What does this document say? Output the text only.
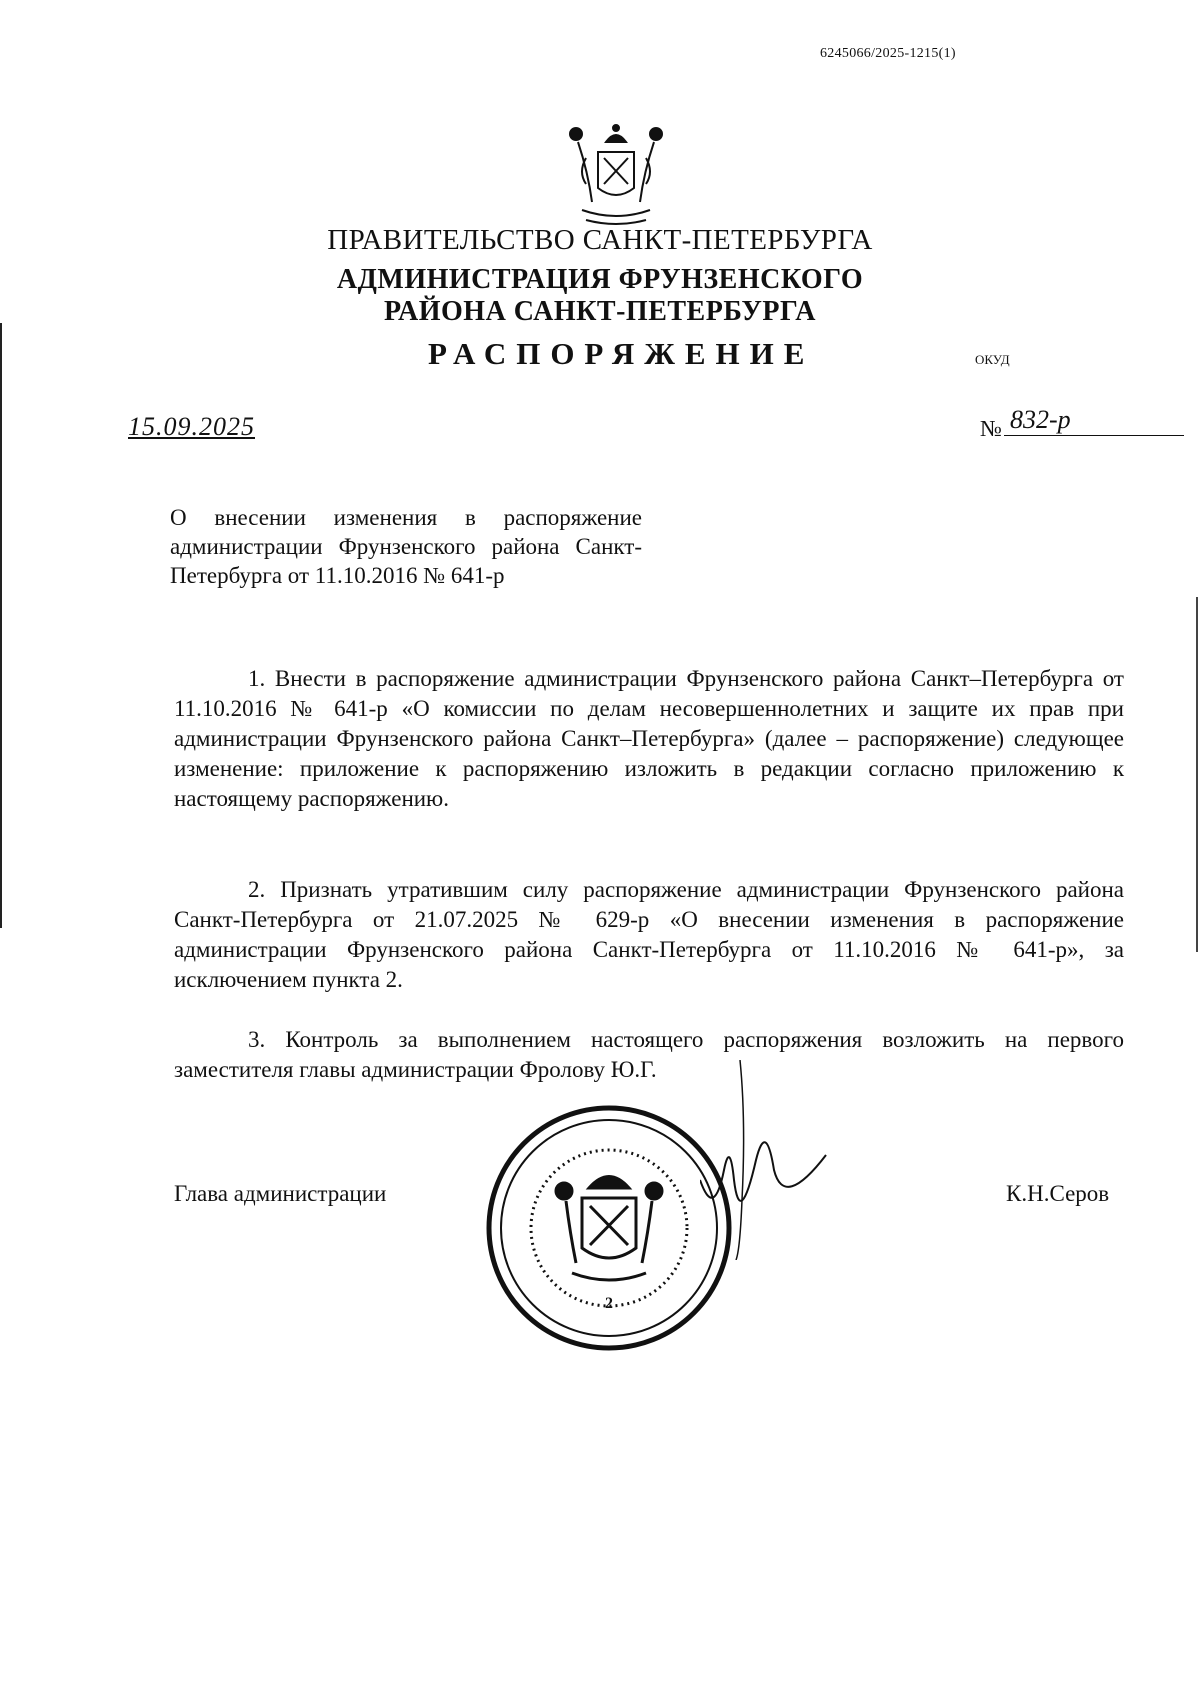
6245066/2025-1215(1)
ПРАВИТЕЛЬСТВО САНКТ-ПЕТЕРБУРГА
АДМИНИСТРАЦИЯ ФРУНЗЕНСКОГО
РАЙОНА САНКТ-ПЕТЕРБУРГА
РАСПОРЯЖЕНИЕ	ОКУД
15.09.2025	№ 832-р
О внесении изменения в распоряжение администрации Фрунзенского района Санкт-Петербурга от 11.10.2016 № 641-р
1. Внести в распоряжение администрации Фрунзенского района Санкт–Петербурга от 11.10.2016 № 641-р «О комиссии по делам несовершеннолетних и защите их прав при администрации Фрунзенского района Санкт–Петербурга» (далее – распоряжение) следующее изменение: приложение к распоряжению изложить в редакции согласно приложению к настоящему распоряжению.
2. Признать утратившим силу распоряжение администрации Фрунзенского района Санкт-Петербурга от 21.07.2025 № 629-р «О внесении изменения в распоряжение администрации Фрунзенского района Санкт-Петербурга от 11.10.2016 № 641-р», за исключением пункта 2.
3. Контроль за выполнением настоящего распоряжения возложить на первого заместителя главы администрации Фролову Ю.Г.
Глава администрации	К.Н.Серов
2
